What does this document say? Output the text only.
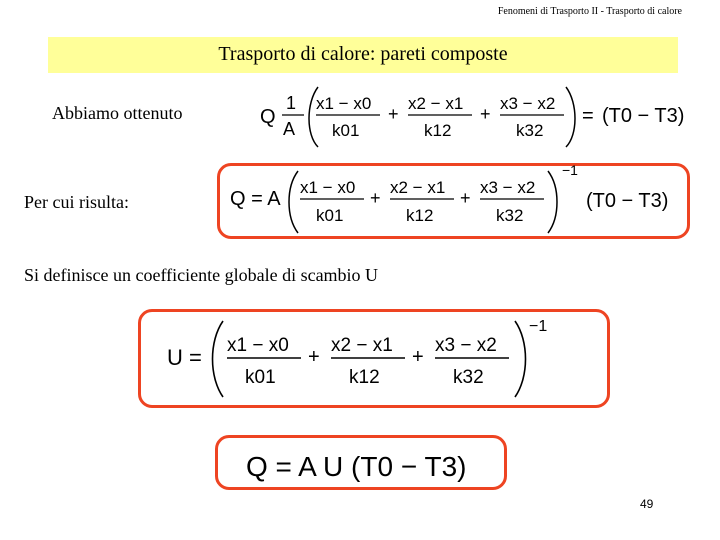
Fenomeni di Trasporto II - Trasporto di calore
Trasporto di calore: pareti composte
Abbiamo ottenuto	Q
1
A
x1 − x0
k01
+
x2 − x1
k12
+
x3 − x2
k32
= (T0 − T3)
Per cui risulta:	Q = A
x1 − x0
k01
+
x2 − x1
k12
+
x3 − x2
k32
−1
(T0 − T3)
Si definisce un coefficiente globale di scambio U
U = x1 − x0
k01
+
x2 − x1
k12
+
x3 − x2
k32
−1
Q = A U (T0 − T3)
49
